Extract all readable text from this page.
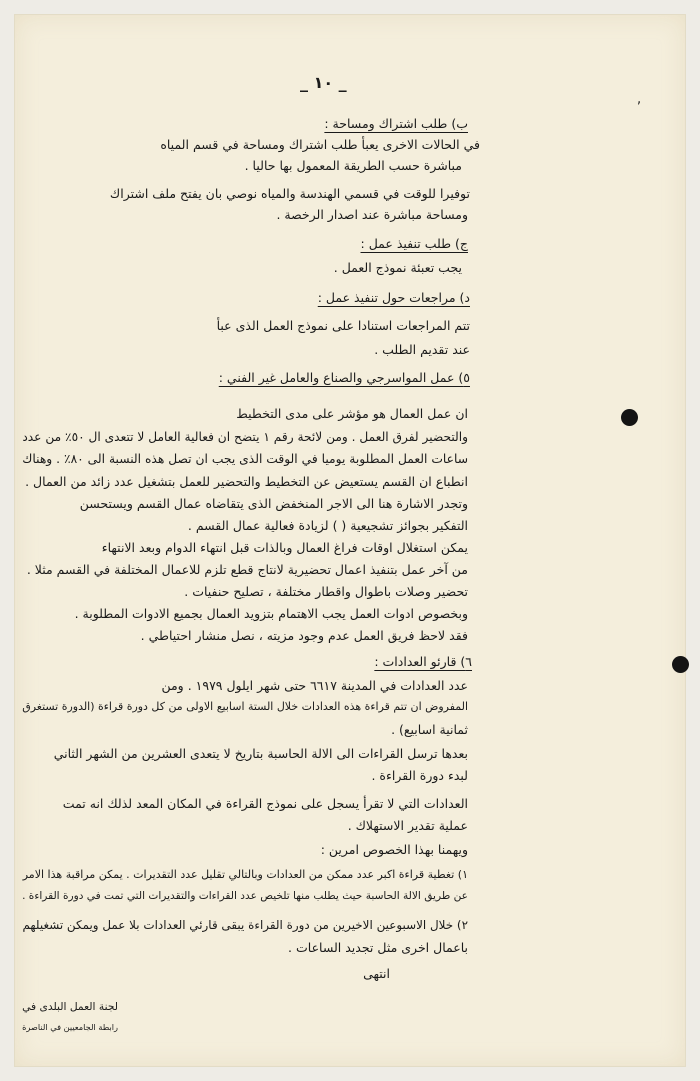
,
_ ١٠ _
ب) طلب اشتراك ومساحة :
في الحالات الاخرى يعبأ طلب اشتراك ومساحة في قسم المياه
مباشرة حسب الطريقة المعمول بها حاليا .
توفيرا للوقت في قسمي الهندسة والمياه نوصي بان يفتح ملف اشتراك
ومساحة مباشرة عند اصدار الرخصة .
ج) طلب تنفيذ عمل :
يجب تعبئة نموذج العمل .
د) مراجعات حول تنفيذ عمل :
تتم المراجعات استنادا على نموذج العمل الذى عبأ
عند تقديم الطلب .
٥) عمل المواسرجي والصناع والعامل غير الفني :
ان عمل العمال هو مؤشر على مدى التخطيط
والتحضير لفرق العمل . ومن لائحة رقم ١ يتضح ان فعالية العامل لا تتعدى ال ٥٠٪ من عدد
ساعات العمل المطلوبة يوميا في الوقت الذى يجب ان تصل هذه النسبة الى ٨٠٪ . وهناك
انطباع ان القسم يستعيض عن التخطيط والتحضير للعمل بتشغيل عدد زائد من العمال .
وتجدر الاشارة هنا الى الاجر المنخفض الذى يتقاضاه عمال القسم ويستحسن
التفكير بجوائز تشجيعية ( ) لزيادة فعالية عمال القسم .
يمكن استغلال اوقات فراغ العمال وبالذات قبل انتهاء الدوام وبعد الانتهاء
من آخر عمل بتنفيذ اعمال تحضيرية لانتاج قطع تلزم للاعمال المختلفة في القسم مثلا .
تحضير وصلات باطوال واقطار مختلفة ، تصليح حنفيات .
وبخصوص ادوات العمل يجب الاهتمام بتزويد العمال بجميع الادوات المطلوبة .
فقد لاحظ فريق العمل عدم وجود مزيته ، نصل منشار احتياطي .
٦) قارئو العدادات :
عدد العدادات في المدينة ٦٦١٧ حتى شهر ايلول ١٩٧٩ . ومن
المفروض ان تتم قراءة هذه العدادات خلال الستة اسابيع الاولى من كل دورة قراءة (الدورة تستغرق
ثمانية اسابيع) .
بعدها ترسل القراءات الى الالة الحاسبة بتاريخ لا يتعدى العشرين من الشهر الثاني
لبدء دورة القراءة .
العدادات التي لا تقرأ يسجل على نموذج القراءة في المكان المعد لذلك انه تمت
عملية تقدير الاستهلاك .
ويهمنا بهذا الخصوص امرين :
١) تغطية قراءة اكبر عدد ممكن من العدادات وبالتالي تقليل عدد التقديرات . يمكن مراقبة هذا الامر
عن طريق الالة الحاسبة حيث يطلب منها تلخيص عدد القراءات والتقديرات التي تمت في دورة القراءة .
٢) خلال الاسبوعين الاخيرين من دورة القراءة يبقى قارئي العدادات بلا عمل ويمكن تشغيلهم
باعمال اخرى مثل تجديد الساعات .
انتهى
لجنة العمل البلدى في
رابطة الجامعيين في الناصرة
